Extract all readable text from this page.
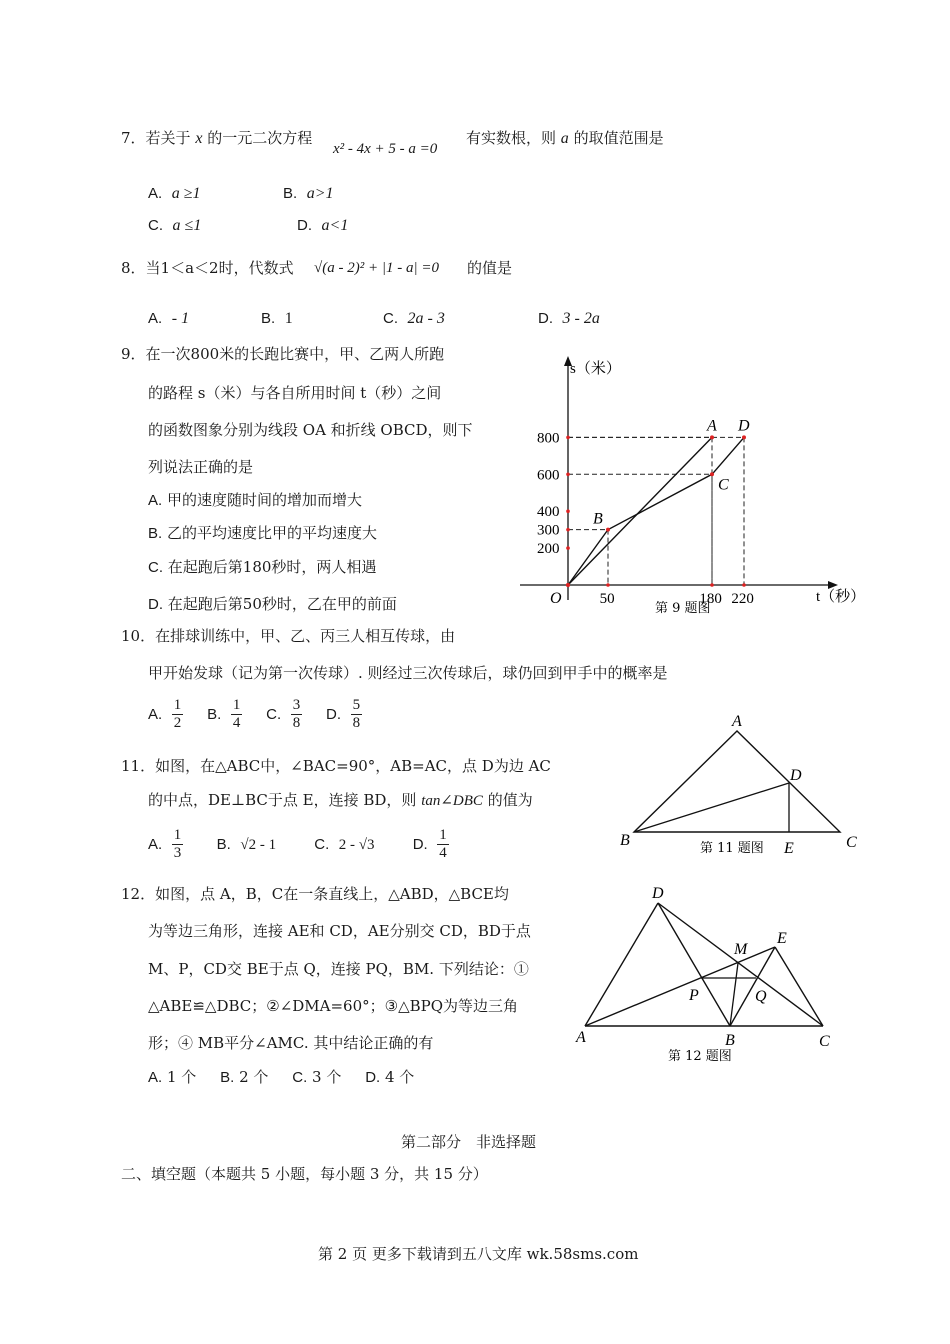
7．若关于 x 的一元二次方程
x² - 4x + 5 - a =0
有实数根，则 a 的取值范围是
A. a ≥1	B. a>1
C. a ≤1	D. a<1
8．当1＜a＜2时，代数式 √(a - 2)² + |1 - a| =0 的值是
A. - 1	B. 1	C. 2a - 3	D. 3 - 2a
9．在一次800米的长跑比赛中，甲、乙两人所跑
的路程 s（米）与各自所用时间 t（秒）之间
的函数图象分别为线段 OA 和折线 OBCD，则下
列说法正确的是
A. 甲的速度随时间的增加而增大
B. 乙的平均速度比甲的平均速度大
C. 在起跑后第180秒时，两人相遇
D. 在起跑后第50秒时，乙在甲的前面
s（米）
t（秒）
O
第 9 题图
200
300
400
600
800
50	180 220
A
B
C
D
10．在排球训练中，甲、乙、丙三人相互传球，由
甲开始发球（记为第一次传球）. 则经过三次传球后，球仍回到甲手中的概率是
A. $\frac{1}{2} B$. $\frac{1}{4} C$. $\frac{3}{8} D$. $\frac{5}{8}$
11．如图，在△ABC中，∠BAC=90°，AB=AC，点 D为边 AC
的中点，DE⊥BC于点 E，连接 BD，则 tan∠DBC 的值为
A. $\frac{1}{3} B$. √2 - 1	C. 2 - √3	D. $\frac{1}{4}$
A
B	C
D
E
第 11 题图
12．如图，点 A，B，C在一条直线上，△ABD，△BCE均
为等边三角形，连接 AE和 CD，AE分别交 CD，BD于点
M、P，CD交 BE于点 Q，连接 PQ，BM. 下列结论：①
△ABE≌△DBC；②∠DMA=60°；③△BPQ为等边三角
形；④ MB平分∠AMC. 其中结论正确的有
A. 1 个 B. 2 个 C. 3 个 D. 4 个
D
A	B	C
E
M
P	Q
第 12 题图
第二部分　非选择题
二、填空题（本题共 5 小题，每小题 3 分，共 15 分）
第 2 页 更多下载请到五八文库 wk.58sms.com
